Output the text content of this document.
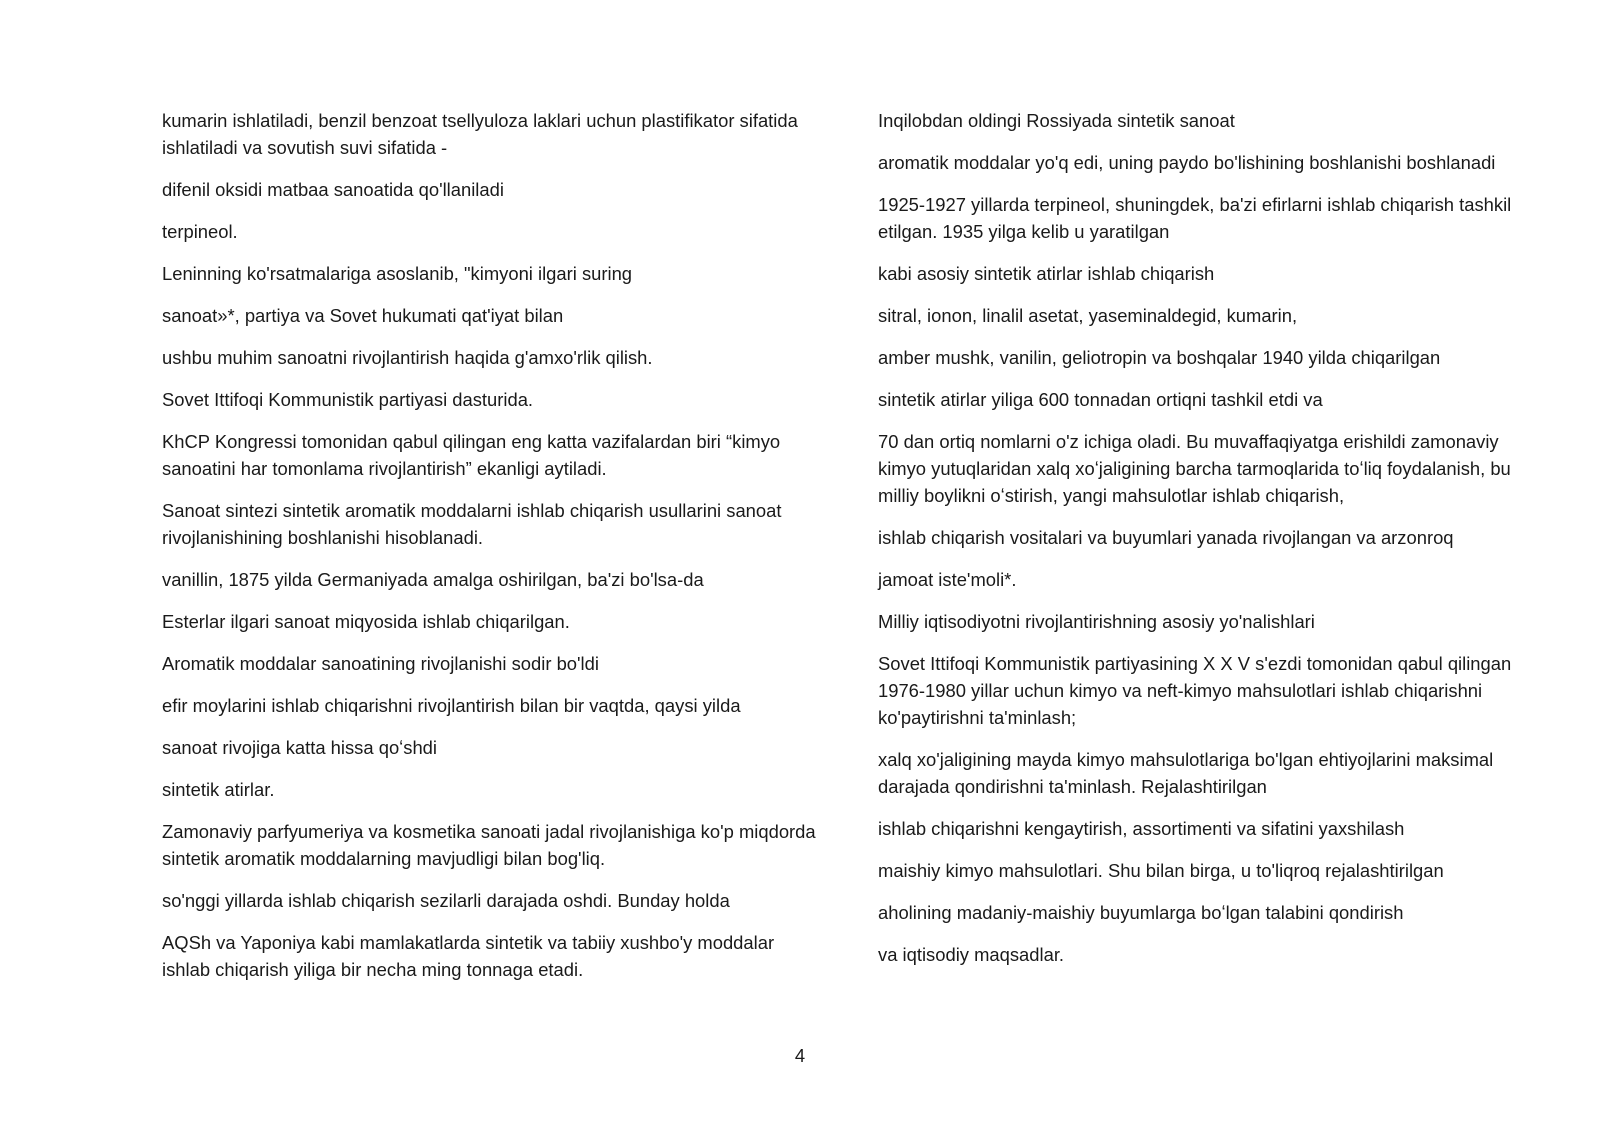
kumarin ishlatiladi, benzil benzoat tsellyuloza laklari uchun plastifikator sifatida ishlatiladi va sovutish suvi sifatida -

difenil oksidi matbaa sanoatida qo'llaniladi

terpineol.

Leninning ko'rsatmalariga asoslanib, "kimyoni ilgari suring

sanoat»*, partiya va Sovet hukumati qat'iyat bilan

ushbu muhim sanoatni rivojlantirish haqida g'amxo'rlik qilish.

Sovet Ittifoqi Kommunistik partiyasi dasturida.

KhCP Kongressi tomonidan qabul qilingan eng katta vazifalardan biri “kimyo sanoatini har tomonlama rivojlantirish” ekanligi aytiladi.

Sanoat sintezi sintetik aromatik moddalarni ishlab chiqarish usullarini sanoat rivojlanishining boshlanishi hisoblanadi.

vanillin, 1875 yilda Germaniyada amalga oshirilgan, ba'zi bo'lsa-da

Esterlar ilgari sanoat miqyosida ishlab chiqarilgan.

Aromatik moddalar sanoatining rivojlanishi sodir bo'ldi

efir moylarini ishlab chiqarishni rivojlantirish bilan bir vaqtda, qaysi yilda

sanoat rivojiga katta hissa qoʻshdi

sintetik atirlar.

Zamonaviy parfyumeriya va kosmetika sanoati jadal rivojlanishiga ko'p miqdorda sintetik aromatik moddalarning mavjudligi bilan bog'liq.

so'nggi yillarda ishlab chiqarish sezilarli darajada oshdi. Bunday holda

AQSh va Yaponiya kabi mamlakatlarda sintetik va tabiiy xushbo'y moddalar ishlab chiqarish yiliga bir necha ming tonnaga etadi.

Inqilobdan oldingi Rossiyada sintetik sanoat

aromatik moddalar yo'q edi, uning paydo bo'lishining boshlanishi boshlanadi

1925-1927 yillarda terpineol, shuningdek, ba'zi efirlarni ishlab chiqarish tashkil etilgan. 1935 yilga kelib u yaratilgan

kabi asosiy sintetik atirlar ishlab chiqarish

sitral, ionon, linalil asetat, yaseminaldegid, kumarin,

amber mushk, vanilin, geliotropin va boshqalar 1940 yilda chiqarilgan

sintetik atirlar yiliga 600 tonnadan ortiqni tashkil etdi va

70 dan ortiq nomlarni o'z ichiga oladi. Bu muvaffaqiyatga erishildi zamonaviy kimyo yutuqlaridan xalq xoʻjaligining barcha tarmoqlarida toʻliq foydalanish, bu milliy boylikni oʻstirish, yangi mahsulotlar ishlab chiqarish,

ishlab chiqarish vositalari va buyumlari yanada rivojlangan va arzonroq

jamoat iste'moli*.

Milliy iqtisodiyotni rivojlantirishning asosiy yo'nalishlari

Sovet Ittifoqi Kommunistik partiyasining X X V s'ezdi tomonidan qabul qilingan 1976-1980 yillar uchun kimyo va neft-kimyo mahsulotlari ishlab chiqarishni ko'paytirishni ta'minlash;

xalq xo'jaligining mayda kimyo mahsulotlariga bo'lgan ehtiyojlarini maksimal darajada qondirishni ta'minlash. Rejalashtirilgan

ishlab chiqarishni kengaytirish, assortimenti va sifatini yaxshilash

maishiy kimyo mahsulotlari. Shu bilan birga, u to'liqroq rejalashtirilgan

aholining madaniy-maishiy buyumlarga boʻlgan talabini qondirish

va iqtisodiy maqsadlar.

4
